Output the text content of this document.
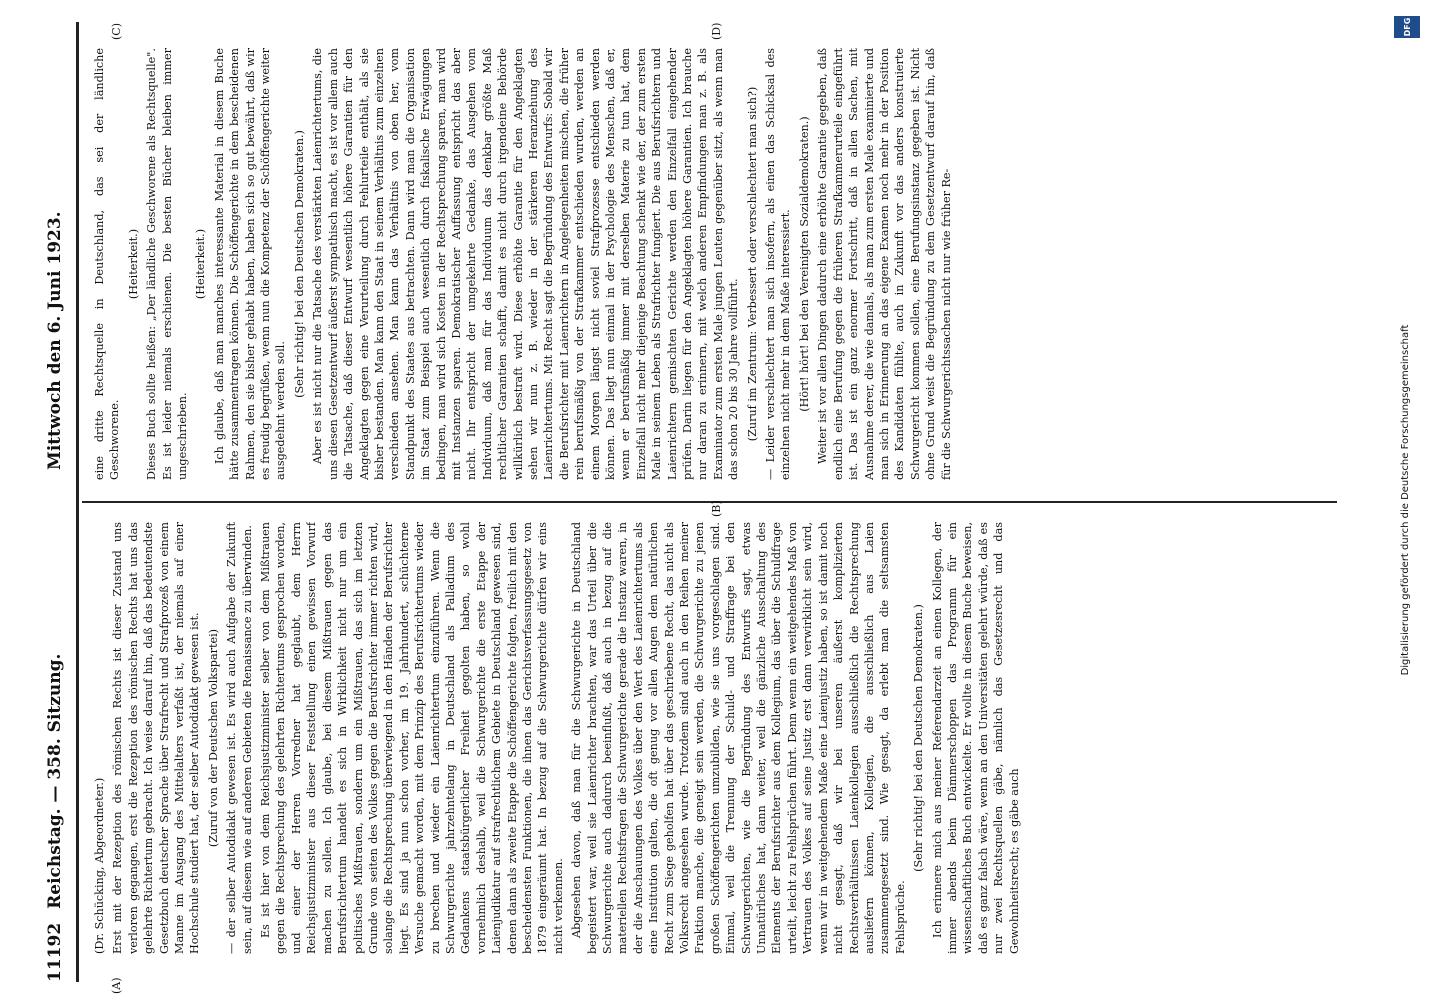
11192
Reichstag. — 358. Sitzung.
Mittwoch den 6. Juni 1923.
(A)
(B)
(C)	(D)

(Dr. Schücking, Abgeordneter.) Erst mit der Rezeption des römischen Rechts ist dieser Zustand uns verloren gegangen, erst die Rezeption des römischen Rechts hat uns das gelehrte Richtertum gebracht. Ich weise darauf hin, daß das bedeutendste Gesetzbuch deutscher Sprache über Strafrecht und Strafprozeß von einem Manne im Ausgang des Mittelalters verfaßt ist, der niemals auf einer Hochschule studiert hat, der selber Autodidakt gewesen ist. (Zuruf von der Deutschen Volkspartei) — der selber Autodidakt gewesen ist. Es wird auch Aufgabe der Zukunft sein, auf diesem wie auf anderen Gebieten die Renaissance zu überwinden. Es ist hier von dem Reichsjustizminister selber von dem Mißtrauen gegen die Rechtsprechung des gelehrten Richtertums gesprochen worden, und einer der Herren Vorredner hat geglaubt, dem Herrn Reichsjustizminister aus dieser Feststellung einen gewissen Vorwurf machen zu sollen. Ich glaube, bei diesem Mißtrauen gegen das Berufsrichtertum handelt es sich in Wirklichkeit nicht nur um ein politisches Mißtrauen, sondern um ein Mißtrauen, das sich im letzten Grunde von seiten des Volkes gegen die Berufsrichter immer richten wird, solange die Rechtsprechung überwiegend in den Händen der Berufsrichter liegt. Es sind ja nun schon vorher, im 19. Jahrhundert, schüchterne Versuche gemacht worden, mit dem Prinzip des Berufsrichtertums wieder zu brechen und wieder ein Laienrichtertum einzuführen. Wenn die Schwurgerichte jahrzehntelang in Deutschland als Palladium des Gedankens staatsbürgerlicher Freiheit gegolten haben, so wohl vornehmlich deshalb, weil die Schwurgerichte die erste Etappe der Laienjudikatur auf strafrechtlichem Gebiete in Deutschland gewesen sind, denen dann als zweite Etappe die Schöffengerichte folgten, freilich mit den bescheidensten Funktionen, die ihnen das Gerichtsverfassungsgesetz von 1879 eingeräumt hat. In bezug auf die Schwurgerichte dürfen wir eins nicht verkennen. Abgesehen davon, daß man für die Schwurgerichte in Deutschland begeistert war, weil sie Laienrichter brachten, war das Urteil über die Schwurgerichte auch dadurch beeinflußt, daß auch in bezug auf die materiellen Rechtsfragen die Schwurgerichte gerade die Instanz waren, in der die Anschauungen des Volkes über den Wert des Laienrichtertums als eine Institution galten, die oft genug vor allen Augen dem natürlichen Recht zum Siege geholfen hat über das geschriebene Recht, das nicht als Volksrecht angesehen wurde. Trotzdem sind auch in den Reihen meiner Fraktion manche, die geneigt sein werden, die Schwurgerichte zu jenen großen Schöffengerichten umzubilden, wie sie uns vorgeschlagen sind. Einmal, weil die Trennung der Schuld- und Straffrage bei den Schwurgerichten, wie die Begründung des Entwurfs sagt, etwas Unnatürliches hat, dann weiter, weil die gänzliche Ausschaltung des Elements der Berufsrichter aus dem Kollegium, das über die Schuldfrage urteilt, leicht zu Fehlsprüchen führt. Denn wenn ein weitgehendes Maß von Vertrauen des Volkes auf seine Justiz erst dann verwirklicht sein wird, wenn wir in weitgehendem Maße eine Laienjustiz haben, so ist damit noch nicht gesagt, daß wir bei unseren äußerst komplizierten Rechtsverhältnissen Laienkollegien ausschließlich die Rechtsprechung ausliefern können, Kollegien, die ausschließlich aus Laien zusammengesetzt sind. Wie gesagt, da erlebt man die seltsamsten Fehlsprüche.

(Sehr richtig! bei den Deutschen Demokraten.) Ich erinnere mich aus meiner Referendarzeit an einen Kollegen, der immer abends beim Dämmerschoppen das Programm für ein wissenschaftliches Buch entwickelte. Er wollte in diesem Buche beweisen, daß es ganz falsch wäre, wenn an den Universitäten gelehrt würde, daß es nur zwei Rechtsquellen gäbe, nämlich das Gesetzesrecht und das Gewohnheitsrecht; es gäbe auch

eine dritte Rechtsquelle in Deutschland, das sei der ländliche Geschworene.

(Heiterkeit.) Dieses Buch sollte heißen: „Der ländliche Geschworene als Rechtsquelle". Es ist leider niemals erschienen. Die besten Bücher bleiben immer ungeschrieben.

(Heiterkeit.) Ich glaube, daß man manches interessante Material in diesem Buche hätte zusammentragen können. Die Schöffengerichte in dem bescheidenen Rahmen, den sie bisher gehabt haben, haben sich so gut bewährt, daß wir es freudig begrüßen, wenn nun die Kompetenz der Schöffengerichte weiter ausgedehnt werden soll.

(Sehr richtig! bei den Deutschen Demokraten.) Aber es ist nicht nur die Tatsache des verstärkten Laienrichtertums, die uns diesen Gesetzentwurf äußerst sympathisch macht, es ist vor allem auch die Tatsache, daß dieser Entwurf wesentlich höhere Garantien für den Angeklagten gegen eine Verurteilung durch Fehlurteile enthält, als sie bisher bestanden. Man kann den Staat in seinem Verhältnis zum einzelnen verschieden ansehen. Man kann das Verhältnis von oben her, vom Standpunkt des Staates aus betrachten. Dann wird man die Organisation im Staat zum Beispiel auch wesentlich durch fiskalische Erwägungen bedingen, man wird sich Kosten in der Rechtsprechung sparen, man wird mit Instanzen sparen. Demokratischer Auffassung entspricht das aber nicht. Ihr entspricht der umgekehrte Gedanke, das Ausgehen vom Individuum, daß man für das Individuum das denkbar größte Maß rechtlicher Garantien schafft, damit es nicht durch irgendeine Behörde willkürlich bestraft wird. Diese erhöhte Garantie für den Angeklagten sehen wir nun z. B. wieder in der stärkeren Heranziehung des Laienrichtertums. Mit Recht sagt die Begründung des Entwurfs: Sobald wir die Berufsrichter mit Laienrichtern in Angelegenheiten mischen, die früher rein berufsmäßig von der Strafkammer entschieden wurden, werden an einem Morgen längst nicht soviel Strafprozesse entschieden werden können. Das liegt nun einmal in der Psychologie des Menschen, daß er, wenn er berufsmäßig immer mit derselben Materie zu tun hat, dem Einzelfall nicht mehr diejenige Beachtung schenkt wie der, der zum ersten Male in seinem Leben als Strafrichter fungiert. Die aus Berufsrichtern und Laienrichtern gemischten Gerichte werden den Einzelfall eingehender prüfen. Darin liegen für den Angeklagten höhere Garantien. Ich brauche nur daran zu erinnern, mit welch anderen Empfindungen man z. B. als Examinator zum ersten Male jungen Leuten gegenüber sitzt, als wenn man das schon 20 bis 30 Jahre vollführt. (Zuruf im Zentrum: Verbessert oder verschlechtert man sich?) — Leider verschlechtert man sich insofern, als einen das Schicksal des einzelnen nicht mehr in dem Maße interessiert. (Hört! hört! bei den Vereinigten Sozialdemokraten.) Weiter ist vor allen Dingen dadurch eine erhöhte Garantie gegeben, daß endlich eine Berufung gegen die früheren Strafkammerurteile eingeführt ist. Das ist ein ganz enormer Fortschritt, daß in allen Sachen, mit Ausnahme derer, die wie damals, als man zum ersten Male examinierte und man sich in Erinnerung an das eigene Examen noch mehr in der Position des Kandidaten fühlte, auch in Zukunft vor das anders konstruierte Schwurgericht kommen sollen, eine Berufungsinstanz gegeben ist. Nicht ohne Grund weist die Begründung zu dem Gesetzentwurf darauf hin, daß für die Schwurgerichtssachen nicht nur wie früher Re-

Digitalisierung gefördert durch die Deutsche Forschungsgemeinschaft
DFG
